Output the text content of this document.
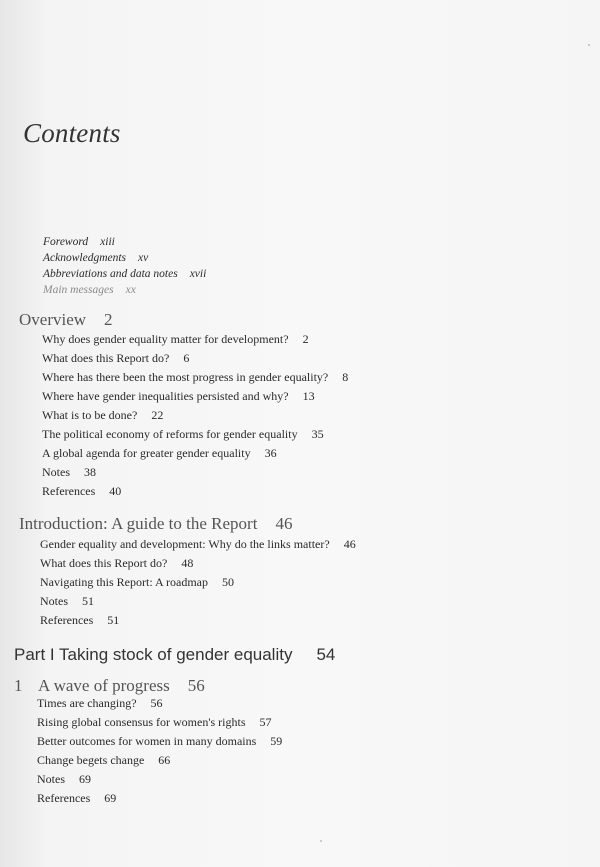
Contents
Foreword xiii
Acknowledgments xv
Abbreviations and data notes xvii
Main messages xx
Overview 2
Why does gender equality matter for development? 2
What does this Report do? 6
Where has there been the most progress in gender equality? 8
Where have gender inequalities persisted and why? 13
What is to be done? 22
The political economy of reforms for gender equality 35
A global agenda for greater gender equality 36
Notes 38
References 40
Introduction: A guide to the Report 46
Gender equality and development: Why do the links matter? 46
What does this Report do? 48
Navigating this Report: A roadmap 50
Notes 51
References 51
Part I Taking stock of gender equality 54
1 A wave of progress 56
Times are changing? 56
Rising global consensus for women's rights 57
Better outcomes for women in many domains 59
Change begets change 66
Notes 69
References 69
